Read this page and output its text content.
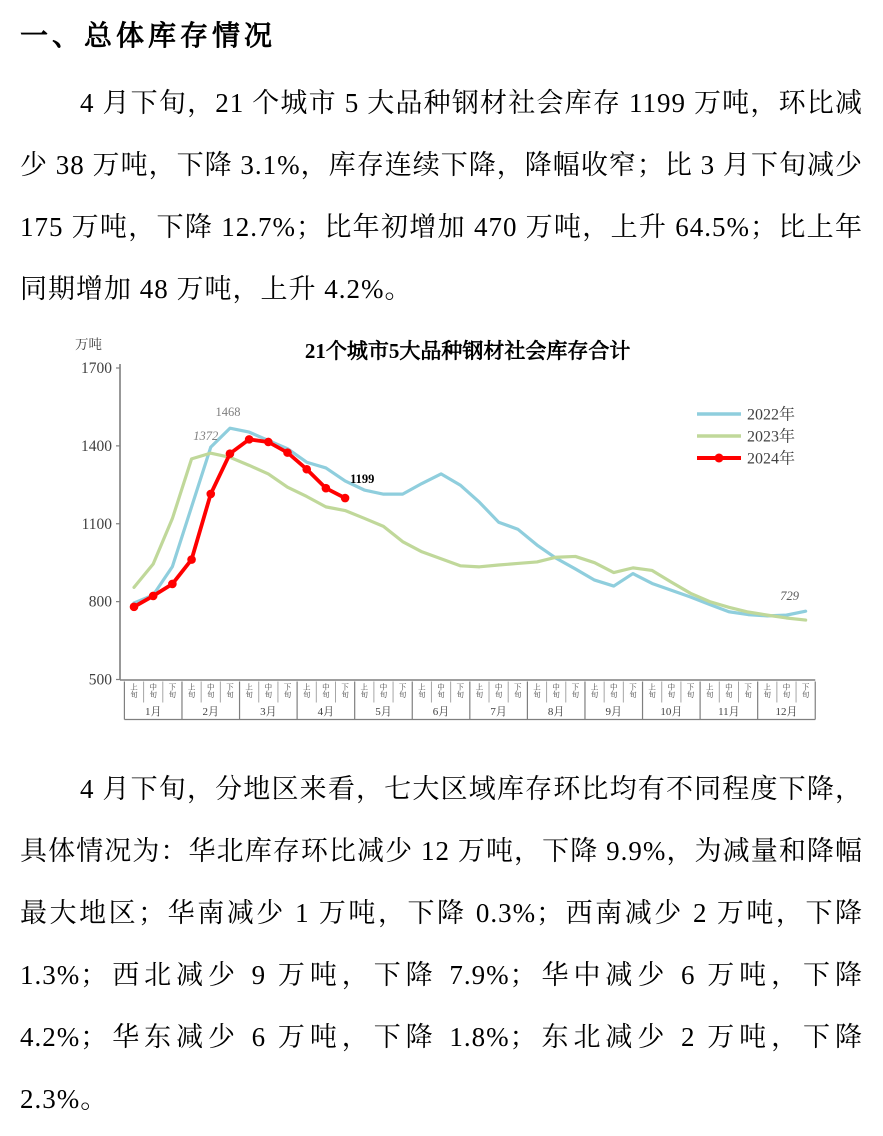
一、总体库存情况
4 月下旬，21 个城市 5 大品种钢材社会库存 1199 万吨，环比减少 38 万吨，下降 3.1%，库存连续下降，降幅收窄；比 3 月下旬减少 175 万吨，下降 12.7%；比年初增加 470 万吨，上升 64.5%；比上年同期增加 48 万吨，上升 4.2%。
21个城市5大品种钢材社会库存合计
万吨
500
800
1100
1400
1700
上旬
中旬
下旬
上旬
中旬
下旬
上旬
中旬
下旬
上旬
中旬
下旬
上旬
中旬
下旬
上旬
中旬
下旬
上旬
中旬
下旬
上旬
中旬
下旬
上旬
中旬
下旬
上旬
中旬
下旬
上旬
中旬
下旬
上旬
中旬
下旬
1月	2月	3月	4月	5月	6月	7月	8月	9月	10月	11月	12月
1468
1372
1199
729
2022年
2023年
2024年
4 月下旬，分地区来看，七大区域库存环比均有不同程度下降，具体情况为：华北库存环比减少 12 万吨，下降 9.9%，为减量和降幅最大地区；华南减少 1 万吨，下降 0.3%；西南减少 2 万吨，下降 1.3%；西北减少 9 万吨，下降 7.9%；华中减少 6 万吨，下降 4.2%；华东减少 6 万吨，下降 1.8%；东北减少 2 万吨，下降 2.3%。
